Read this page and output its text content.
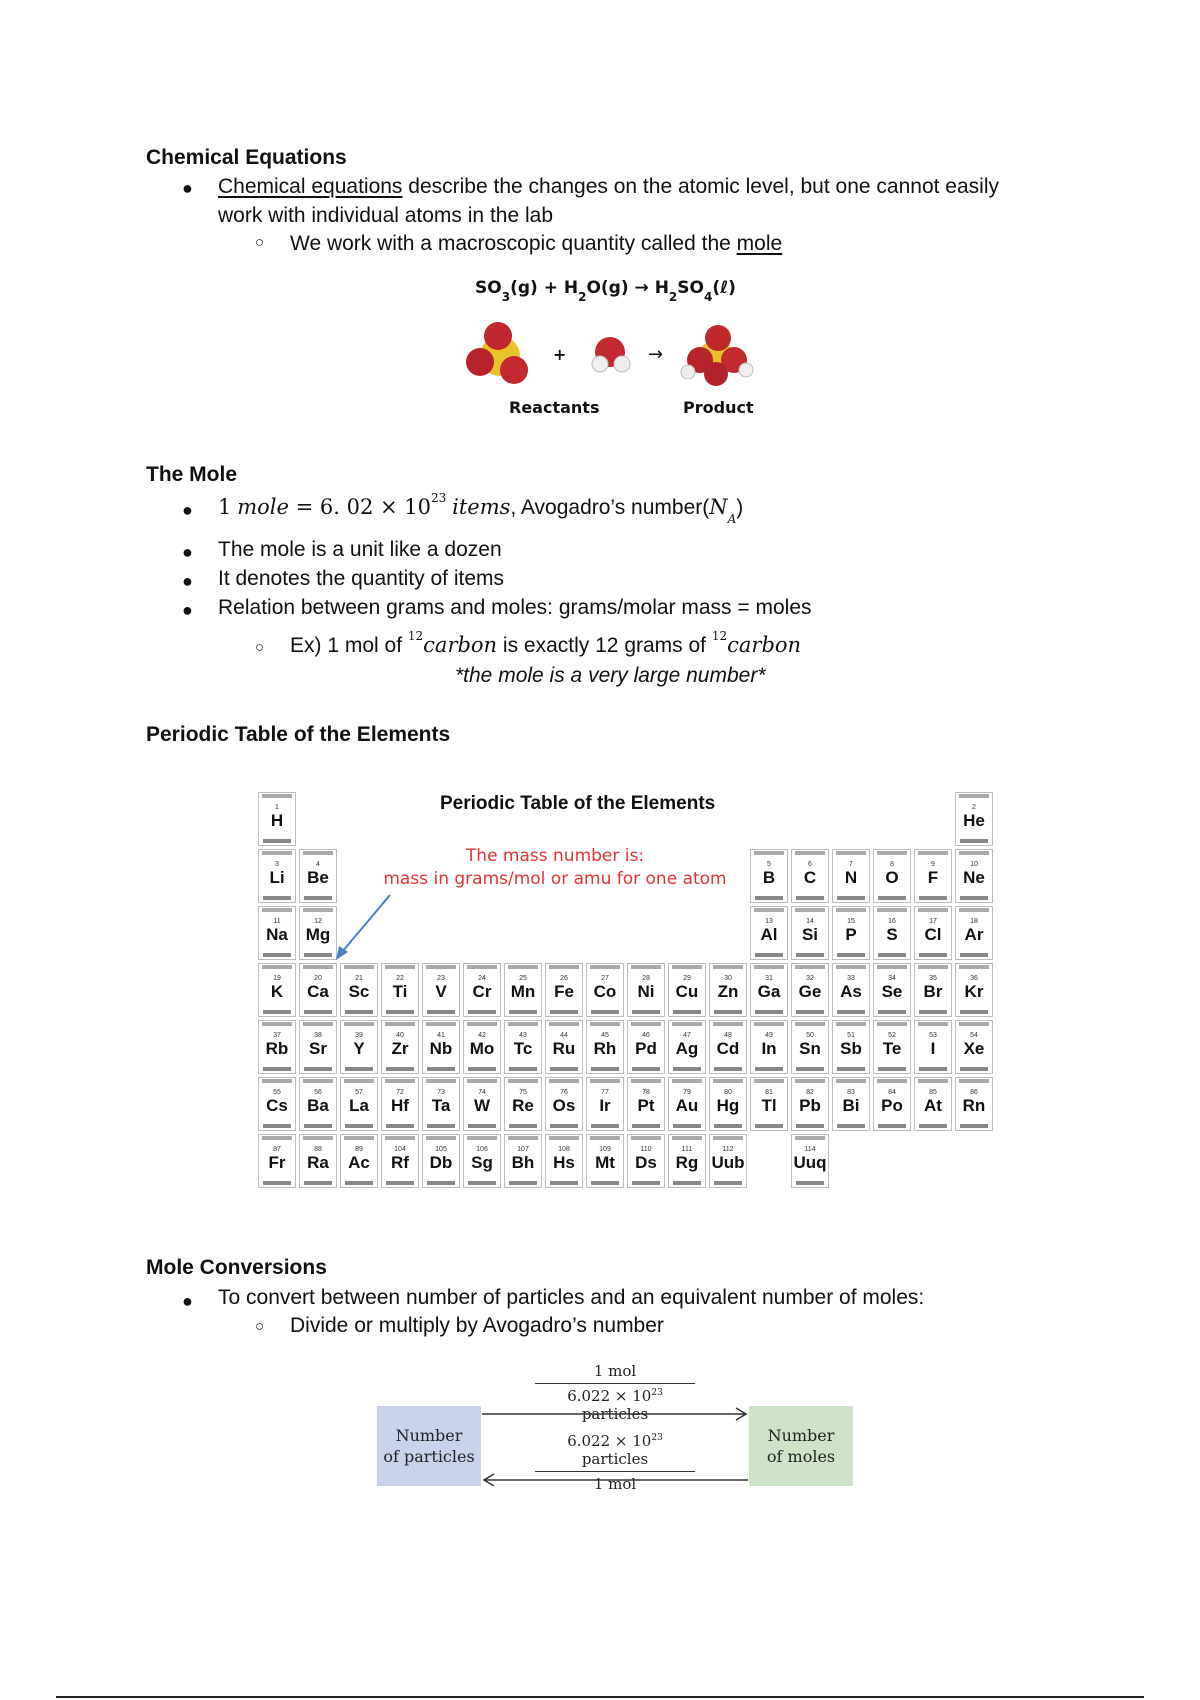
Chemical Equations
● Chemical equations describe the changes on the atomic level, but one cannot easily
work with individual atoms in the lab
○ We work with a macroscopic quantity called the mole
$SO_3(g) + H_2O(g)$ → $H_2SO_4(\ell)$
+	→
Reactants	Product
The Mole
● 1 mole = 6. $02 \times 10^{23}$ items, Avogadro’s $number(N_A)$
● The mole is a unit like a dozen
● It denotes the quantity of items
● Relation between grams and moles: grams/molar mass = moles
○ Ex) 1 mol of $^{12}$carbon is exactly 12 grams of $^{12}$carbon
*the mole is a very large number*
Periodic Table of the Elements
1
H
2
He
3
Li
4
Be
5
B
6
C
7
N
8
O
9
F
10
Ne
11
Na
12
Mg
13
Al
14
Si
15
P
16
S
17
Cl
18
Ar
19
K
20
Ca
21
Sc
22
Ti
23
V
24
Cr
25
Mn
26
Fe
27
Co
28
Ni
29
Cu
30
Zn
31
Ga
32
Ge
33
As
34
Se
35
Br
36
Kr
37
Rb
38
Sr
39
Y
40
Zr
41
Nb
42
Mo
43
Tc
44
Ru
45
Rh
46
Pd
47
Ag
48
Cd
49
In
50
Sn
51
Sb
52
Te
53
I
54
Xe
55
Cs
56
Ba
57
La
72
Hf
73
Ta
74
W
75
Re
76
Os
77
Ir
78
Pt
79
Au
80
Hg
81
Tl
82
Pb
83
Bi
84
Po
85
At
86
Rn
87
Fr
88
Ra
89
Ac
104
Rf
105
Db
106
Sg
107
Bh
108
Hs
109
Mt
110
Ds
111
Rg
112
Uub
114
Uuq
Periodic Table of the Elements
The mass number is:
mass in grams/mol or amu for one atom
Mole Conversions
● To convert between number of particles and an equivalent number of moles:
○ Divide or multiply by Avogadro’s number
Number
of particles
Number
of moles
1 mol
$6.022 \times 10^{23}$ particles
$6.022 \times 10^{23}$ particles
1 mol
